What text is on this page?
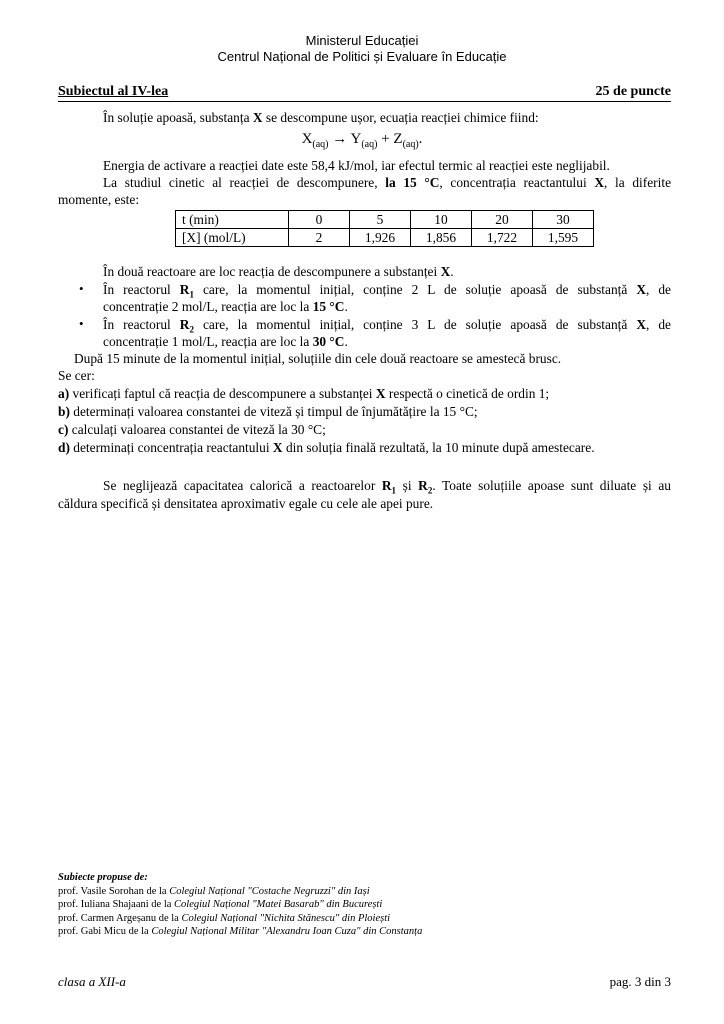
Ministerul Educației
Centrul Național de Politici și Evaluare în Educație
Subiectul al IV-lea	25 de puncte
În soluție apoasă, substanța X se descompune ușor, ecuația reacției chimice fiind:
$X_{(aq)} \to Y_{(aq)} + Z_{(aq)}$.
Energia de activare a reacției date este 58,4 kJ/mol, iar efectul termic al reacției este neglijabil.
La studiul cinetic al reacției de descompunere, la 15 °C, concentrația reactantului X, la diferite
momente, este:
t (min)	0	5	10	20	30
[X] (mol/L)	2	1,926	1,856	1,722	1,595
În două reactoare are loc reacția de descompunere a substanței X.
• În reactorul $R_1$ care, la momentul inițial, conține 2 L de soluție apoasă de substanță X, de
concentrație 2 mol/L, reacția are loc la 15 °C.
• În reactorul $R_2$ care, la momentul inițial, conține 3 L de soluție apoasă de substanță X, de
concentrație 1 mol/L, reacția are loc la 30 °C.
După 15 minute de la momentul inițial, soluțiile din cele două reactoare se amestecă brusc.
Se cer:
a) verificați faptul că reacția de descompunere a substanței X respectă o cinetică de ordin 1;
b) determinați valoarea constantei de viteză și timpul de înjumătățire la 15 °C;
c) calculați valoarea constantei de viteză la 30 °C;
d) determinați concentrația reactantului X din soluția finală rezultată, la 10 minute după amestecare.
Se neglijează capacitatea calorică a reactoarelor $R_1$ și $R_2$. Toate soluțiile apoase sunt diluate și au
căldura specifică și densitatea aproximativ egale cu cele ale apei pure.
Subiecte propuse de:
prof. Vasile Sorohan de la Colegiul Național "Costache Negruzzi" din Iași
prof. Iuliana Shajaani de la Colegiul Național "Matei Basarab" din București
prof. Carmen Argeșanu de la Colegiul Național "Nichita Stănescu" din Ploiești
prof. Gabi Micu de la Colegiul Național Militar "Alexandru Ioan Cuza" din Constanța
clasa a XII-a	pag. 3 din 3
